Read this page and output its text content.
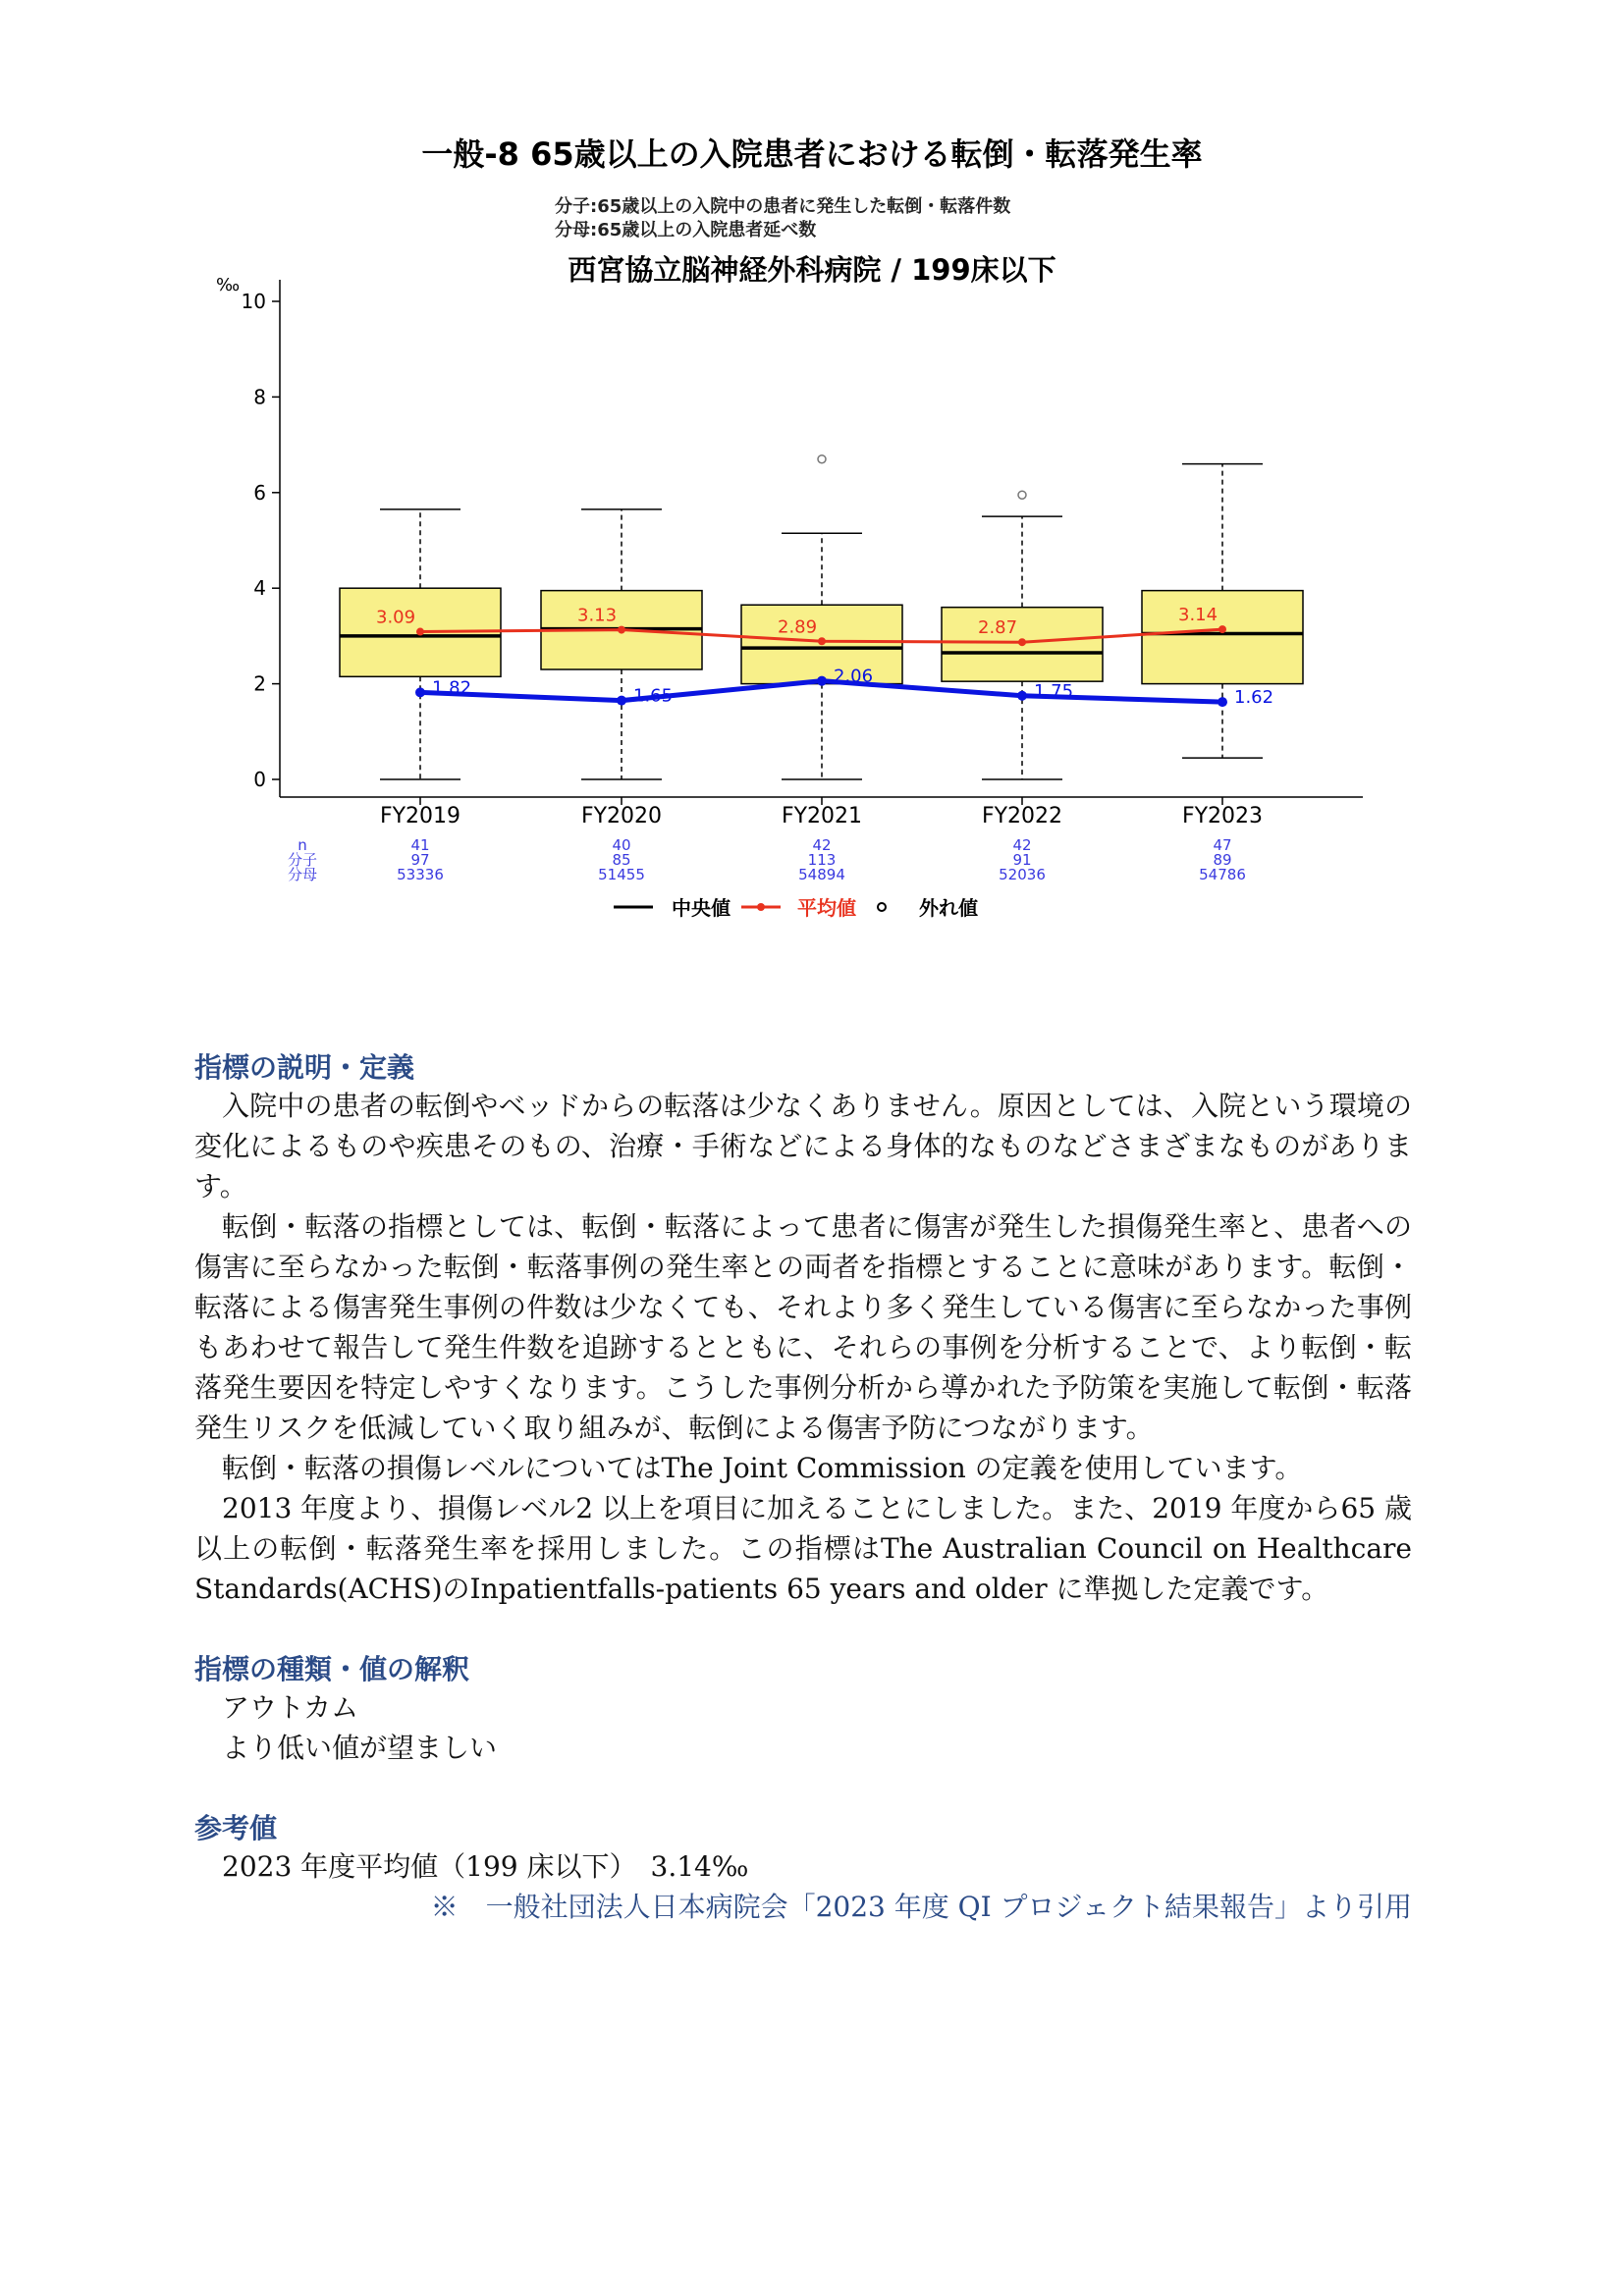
一般-8 65歳以上の入院患者における転倒・転落発生率
分子:65歳以上の入院中の患者に発生した転倒・転落件数
分母:65歳以上の入院患者延べ数
西宮協立脳神経外科病院 / 199床以下
‰
0
2
4
6
8
10
3.09	3.13
2.89	2.87
3.14
1.82	1.65
2.06
1.75	1.62
FY2019	FY2020	FY2021	FY2022	FY2023
n	41	40	42	42	47
分子	97	85	113	91	89
分母	53336	51455	54894	52036	54786
中央値	平均値	外れ値
指標の説明・定義

入院中の患者の転倒やベッドからの転落は少なくありません。原因としては、入院という環境の変化によるものや疾患そのもの、治療・手術などによる身体的なものなどさまざまなものがあります。

転倒・転落の指標としては、転倒・転落によって患者に傷害が発生した損傷発生率と、患者への傷害に至らなかった転倒・転落事例の発生率との両者を指標とすることに意味があります。転倒・転落による傷害発生事例の件数は少なくても、それより多く発生している傷害に至らなかった事例もあわせて報告して発生件数を追跡するとともに、それらの事例を分析することで、より転倒・転落発生要因を特定しやすくなります。こうした事例分析から導かれた予防策を実施して転倒・転落発生リスクを低減していく取り組みが、転倒による傷害予防につながります。

転倒・転落の損傷レベルについてはThe Joint Commission の定義を使用しています。

2013 年度より、損傷レベル2 以上を項目に加えることにしました。また、2019 年度から65 歳以上の転倒・転落発生率を採用しました。この指標はThe Australian Council on Healthcare Standards(ACHS)のInpatientfalls-patients 65 years and older に準拠した定義です。

指標の種類・値の解釈
アウトカム
より低い値が望ましい
参考値
2023 年度平均値（199 床以下）　3.14‰
※　一般社団法人日本病院会「2023 年度 QI プロジェクト結果報告」より引用
